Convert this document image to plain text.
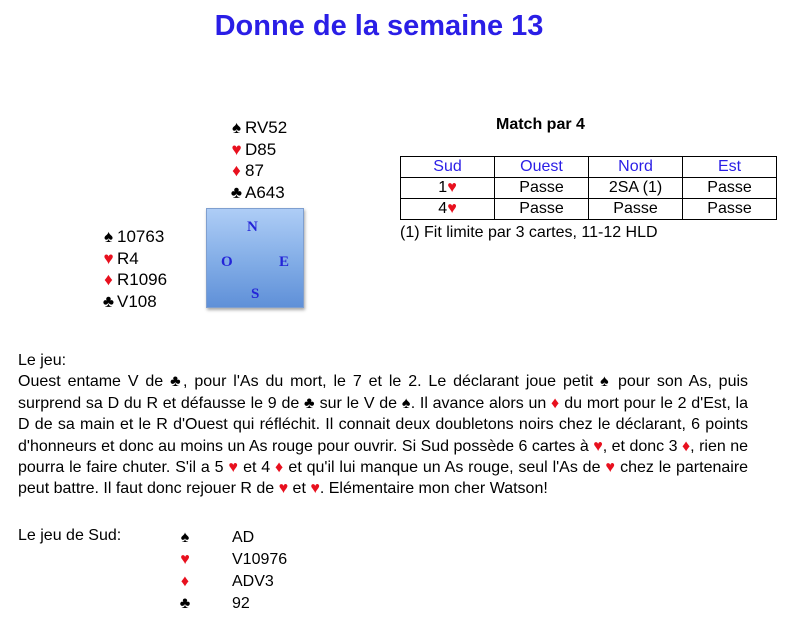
Donne de la semaine 13
♠ RV52
♥ D85
♦ 87
♣ A643
♠ 10763
♥ R4
♦ R1096
♣ V108
N
O	E
S
Match par 4
Sud	Ouest	Nord	Est
1♥	Passe	2SA (1)	Passe
4♥	Passe	Passe	Passe
(1) Fit limite par 3 cartes, 11-12 HLD
Le jeu:
Ouest entame V de ♣, pour l'As du mort, le 7 et le 2. Le déclarant joue petit ♠ pour son As, puis surprend sa D du R et défausse le 9 de ♣ sur le V de ♠. Il avance alors un ♦ du mort pour le 2 d'Est, la D de sa main et le R d'Ouest qui réfléchit. Il connait deux doubletons noirs chez le déclarant, 6 points d'honneurs et donc au moins un As rouge pour ouvrir. Si Sud possède 6 cartes à ♥, et donc 3 ♦, rien ne pourra le faire chuter. S'il a 5 ♥ et 4 ♦ et qu'il lui manque un As rouge, seul l'As de ♥ chez le partenaire peut battre. Il faut donc rejouer R de ♥ et ♥. Elémentaire mon cher Watson!
Le jeu de Sud:	♠	AD
♥	V10976
♦	ADV3
♣	92
